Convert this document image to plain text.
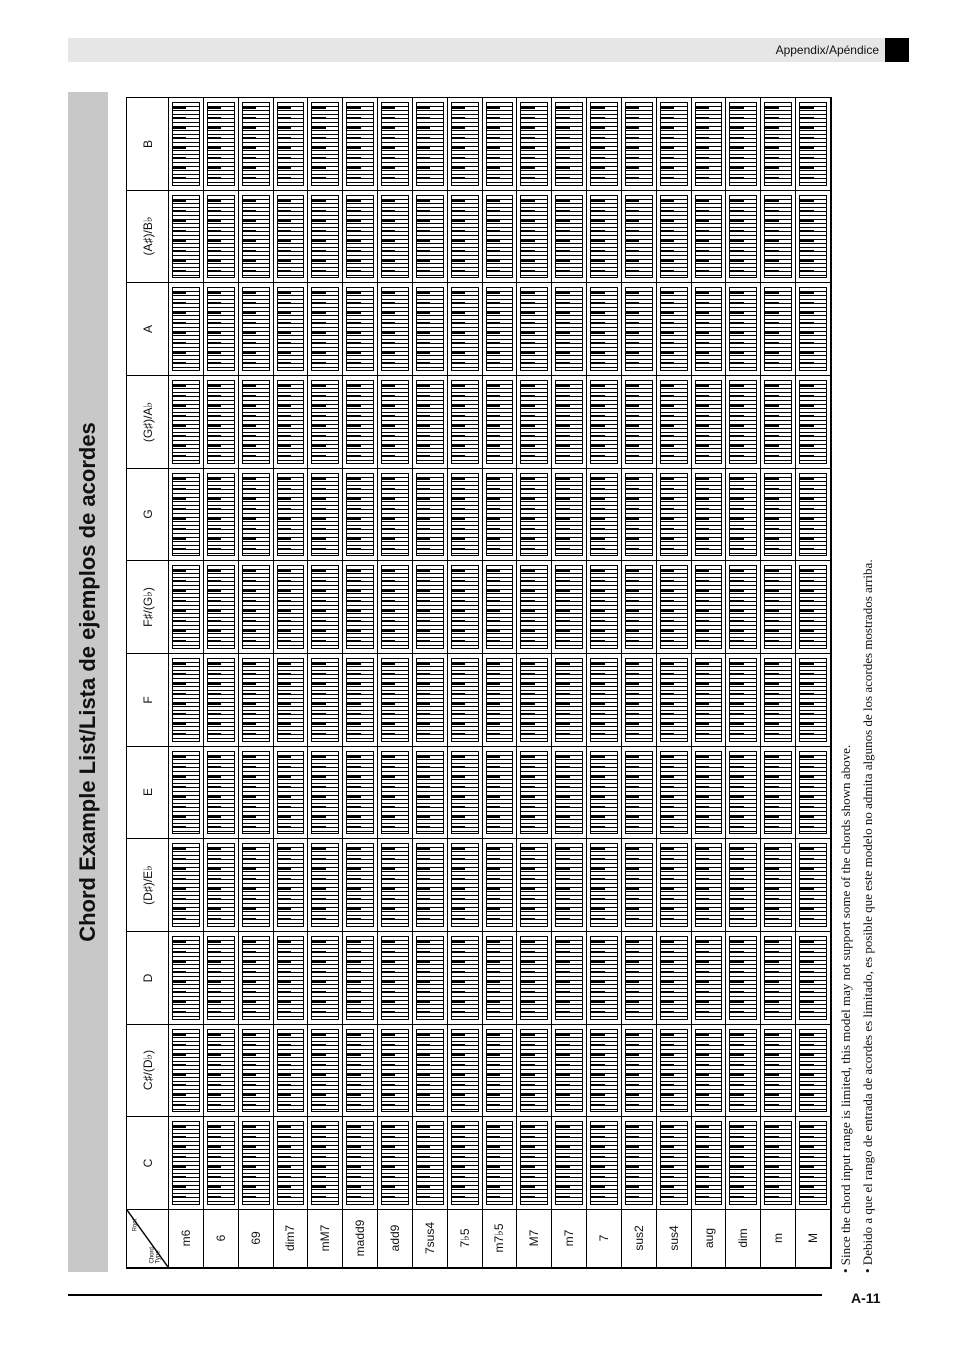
Appendix/Apéndice
Chord Example List/Lista de ejemplos de acordes
B
(A♯)/B♭
A
(G♯)/A♭
G
F♯/(G♭)
F
E
(D♯)/E♭
D
C♯/(D♭)
C
Root
Chord Type
M
m
dim
aug
sus4
sus2
7
m7
M7
m7♭5
7♭5
7sus4
add9
madd9
mM7
dim7
69
6
m6
• Since the chord input range is limited, this model may not support some of the chords shown above.
• Debido a que el rango de entrada de acordes es limitado, es posible que este modelo no admita algunos de los acordes mostrados arriba.
A-11
